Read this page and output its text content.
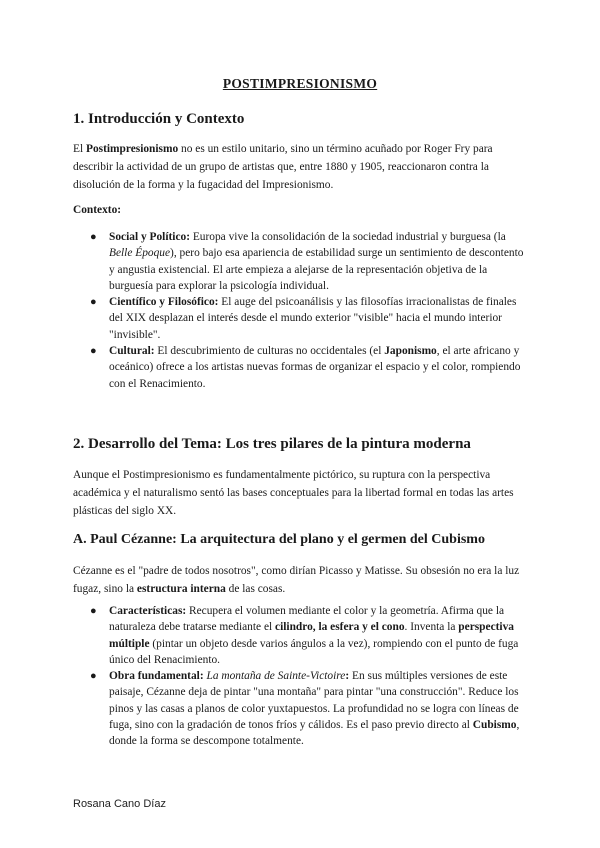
POSTIMPRESIONISMO
1. Introducción y Contexto

El Postimpresionismo no es un estilo unitario, sino un término acuñado por Roger Fry para describir la actividad de un grupo de artistas que, entre 1880 y 1905, reaccionaron contra la disolución de la forma y la fugacidad del Impresionismo.

Contexto:

● Social y Político: Europa vive la consolidación de la sociedad industrial y burguesa (la Belle Époque), pero bajo esa apariencia de estabilidad surge un sentimiento de descontento y angustia existencial. El arte empieza a alejarse de la representación objetiva de la burguesía para explorar la psicología individual.
● Científico y Filosófico: El auge del psicoanálisis y las filosofías irracionalistas de finales del XIX desplazan el interés desde el mundo exterior "visible" hacia el mundo interior "invisible".
● Cultural: El descubrimiento de culturas no occidentales (el Japonismo, el arte africano y oceánico) ofrece a los artistas nuevas formas de organizar el espacio y el color, rompiendo con el Renacimiento.
2. Desarrollo del Tema: Los tres pilares de la pintura moderna

Aunque el Postimpresionismo es fundamentalmente pictórico, su ruptura con la perspectiva académica y el naturalismo sentó las bases conceptuales para la libertad formal en todas las artes plásticas del siglo XX.

A. Paul Cézanne: La arquitectura del plano y el germen del Cubismo

Cézanne es el "padre de todos nosotros", como dirían Picasso y Matisse. Su obsesión no era la luz fugaz, sino la estructura interna de las cosas.

● Características: Recupera el volumen mediante el color y la geometría. Afirma que la naturaleza debe tratarse mediante el cilindro, la esfera y el cono. Inventa la perspectiva múltiple (pintar un objeto desde varios ángulos a la vez), rompiendo con el punto de fuga único del Renacimiento.
● Obra fundamental: La montaña de Sainte-Victoire: En sus múltiples versiones de este paisaje, Cézanne deja de pintar "una montaña" para pintar "una construcción". Reduce los pinos y las casas a planos de color yuxtapuestos. La profundidad no se logra con líneas de fuga, sino con la gradación de tonos fríos y cálidos. Es el paso previo directo al Cubismo, donde la forma se descompone totalmente.
Rosana Cano Díaz
